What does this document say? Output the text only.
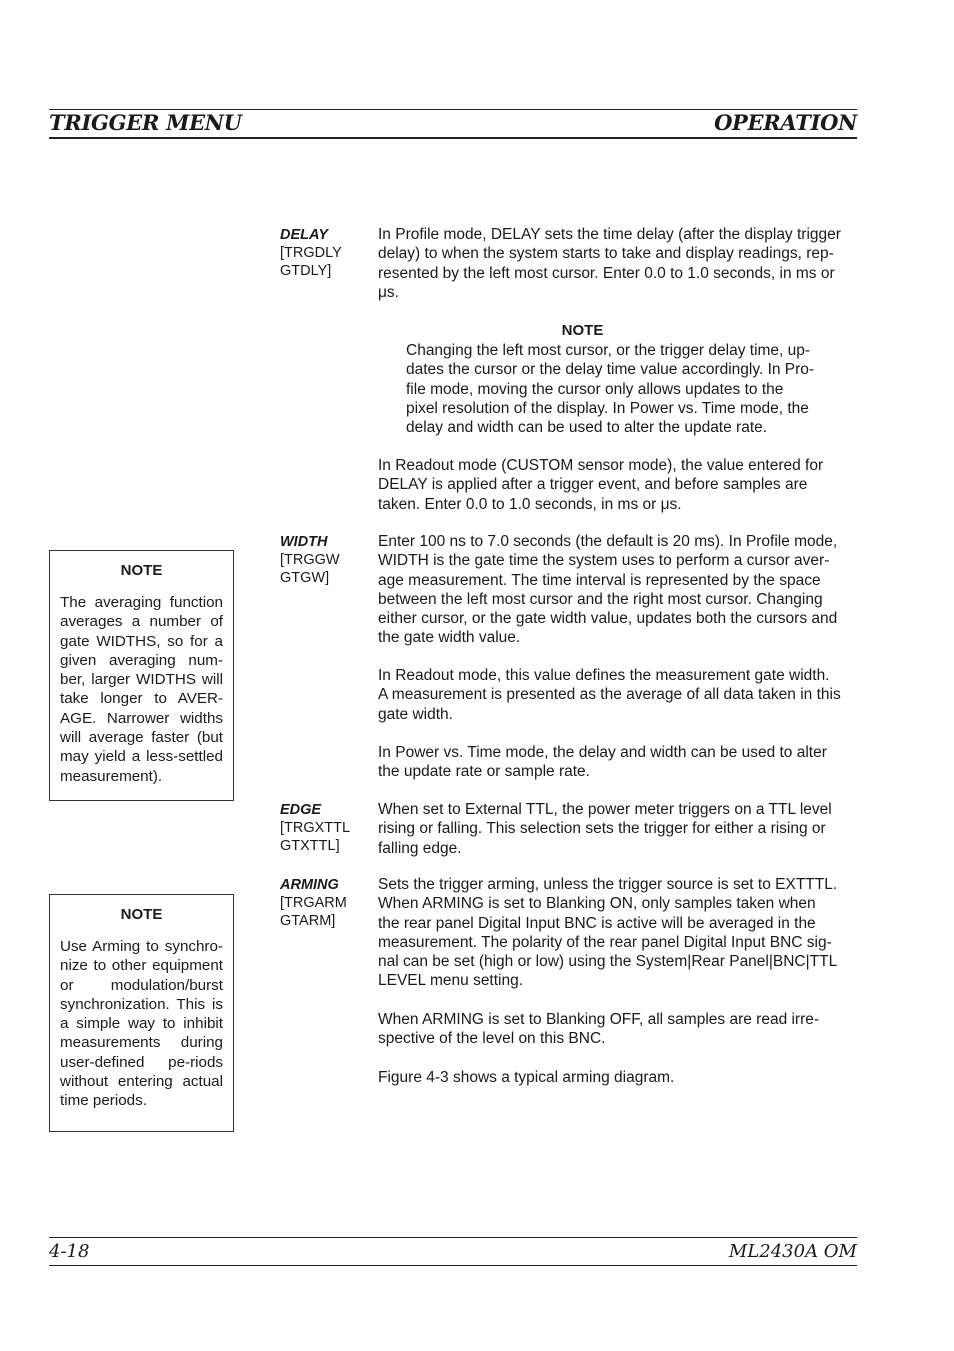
TRIGGER MENU	OPERATION
DELAY
[TRGDLY
GTDLY]
In Profile mode, DELAY sets the time delay (after the display trigger
delay) to when the system starts to take and display readings, rep-
resented by the left most cursor. Enter 0.0 to 1.0 seconds, in ms or
μs.
NOTE
Changing the left most cursor, or the trigger delay time, up-
dates the cursor or the delay time value accordingly. In Pro-
file mode, moving the cursor only allows updates to the
pixel resolution of the display. In Power vs. Time mode, the
delay and width can be used to alter the update rate.
In Readout mode (CUSTOM sensor mode), the value entered for
DELAY is applied after a trigger event, and before samples are
taken. Enter 0.0 to 1.0 seconds, in ms or μs.
WIDTH
[TRGGW
GTGW]
Enter 100 ns to 7.0 seconds (the default is 20 ms). In Profile mode,
WIDTH is the gate time the system uses to perform a cursor aver-
age measurement. The time interval is represented by the space
between the left most cursor and the right most cursor. Changing
either cursor, or the gate width value, updates both the cursors and
the gate width value.
In Readout mode, this value defines the measurement gate width.
A measurement is presented as the average of all data taken in this
gate width.
In Power vs. Time mode, the delay and width can be used to alter
the update rate or sample rate.
EDGE
[TRGXTTL
GTXTTL]
When set to External TTL, the power meter triggers on a TTL level
rising or falling. This selection sets the trigger for either a rising or
falling edge.
ARMING
[TRGARM
GTARM]
Sets the trigger arming, unless the trigger source is set to EXTTTL.
When ARMING is set to Blanking ON, only samples taken when
the rear panel Digital Input BNC is active will be averaged in the
measurement. The polarity of the rear panel Digital Input BNC sig-
nal can be set (high or low) using the System|Rear Panel|BNC|TTL
LEVEL menu setting.
When ARMING is set to Blanking OFF, all samples are read irre-
spective of the level on this BNC.
Figure 4-3 shows a typical arming diagram.
NOTE
The averaging function averages a number of gate WIDTHS, so for a given averaging num-ber, larger WIDTHS will take longer to AVER-AGE. Narrower widths will average faster (but may yield a less-settled measurement).
NOTE
Use Arming to synchro-nize to other equipment or modulation/burst synchronization. This is a simple way to inhibit measurements during user-defined pe-riods without entering actual time periods.
4-18	ML2430A OM
